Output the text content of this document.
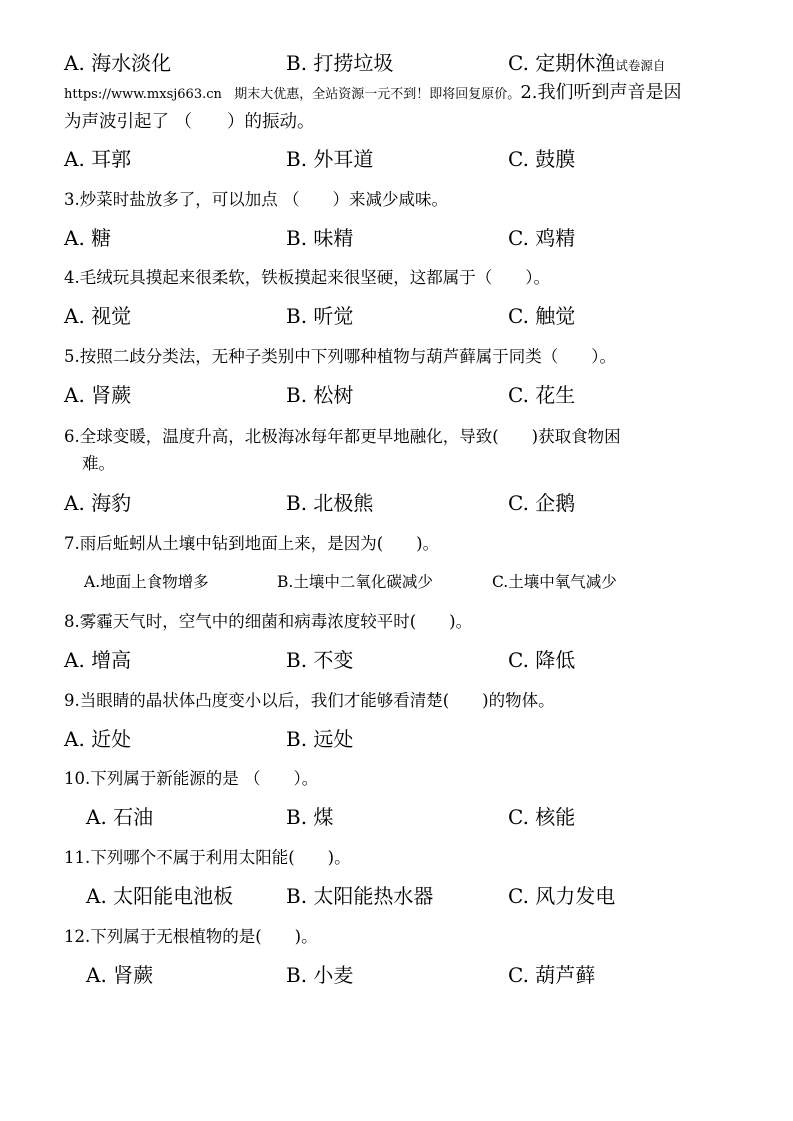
A. 海水淡化	B. 打捞垃圾	C. 定期休渔试卷源自
https://www.mxsj663.cn 期末大优惠，全站资源一元不到！即将回复原价。2.我们听到声音是因
为声波引起了 （　　）的振动。
A. 耳郭	B. 外耳道	C. 鼓膜
3.炒菜时盐放多了，可以加点 （　　）来减少咸味。
A. 糖	B. 味精	C. 鸡精
4.毛绒玩具摸起来很柔软，铁板摸起来很坚硬，这都属于（　　）。
A. 视觉	B. 听觉	C. 触觉
5.按照二歧分类法，无种子类别中下列哪种植物与葫芦藓属于同类（　　）。
A. 肾蕨	B. 松树	C. 花生
6.全球变暖，温度升高，北极海冰每年都更早地融化，导致(　　)获取食物困
难。
A. 海豹	B. 北极熊	C. 企鹅
7.雨后蚯蚓从土壤中钻到地面上来，是因为(　　)。
A.地面上食物增多	B.土壤中二氧化碳减少	C.土壤中氧气减少
8.雾霾天气时，空气中的细菌和病毒浓度较平时(　　)。
A. 增高	B. 不变	C. 降低
9.当眼睛的晶状体凸度变小以后，我们才能够看清楚(　　)的物体。
A. 近处	B. 远处
10.下列属于新能源的是 （　　）。
A. 石油	B. 煤	C. 核能
11.下列哪个不属于利用太阳能(　　)。
A. 太阳能电池板	B. 太阳能热水器	C. 风力发电
12.下列属于无根植物的是(　　)。
A. 肾蕨	B. 小麦	C. 葫芦藓
